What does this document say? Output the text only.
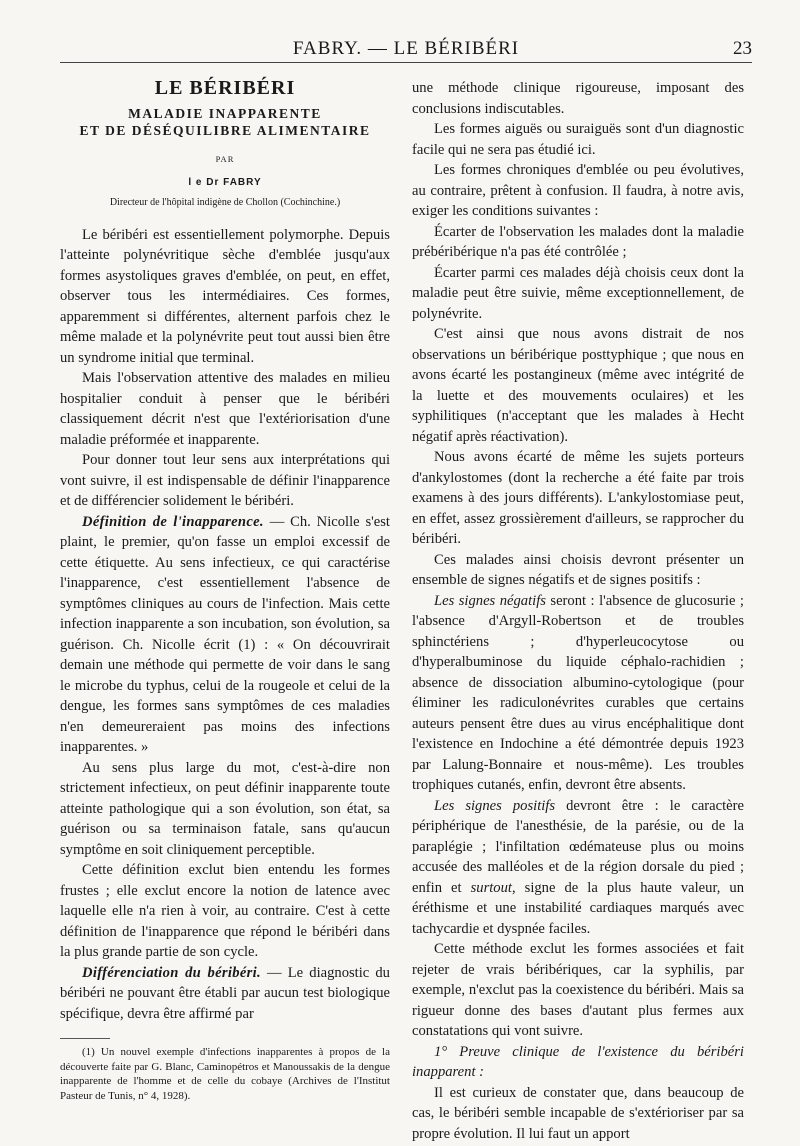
FABRY. — LE BÉRIBÉRI	23
LE BÉRIBÉRI
MALADIE INAPPARENTE
ET DE DÉSÉQUILIBRE ALIMENTAIRE
PAR
l e Dr FABRY
Directeur de l'hôpital indigène de Chollon (Cochinchine.)

Le béribéri est essentiellement polymorphe. Depuis l'atteinte polynévritique sèche d'emblée jusqu'aux formes asystoliques graves d'emblée, on peut, en effet, observer tous les intermédiaires. Ces formes, apparemment si différentes, alternent parfois chez le même malade et la polynévrite peut tout aussi bien être un syndrome initial que terminal.

Mais l'observation attentive des malades en milieu hospitalier conduit à penser que le béribéri classiquement décrit n'est que l'extériorisation d'une maladie préformée et inapparente.

Pour donner tout leur sens aux interprétations qui vont suivre, il est indispensable de définir l'inapparence et de différencier solidement le béribéri.

Définition de l'inapparence. — Ch. Nicolle s'est plaint, le premier, qu'on fasse un emploi excessif de cette étiquette. Au sens infectieux, ce qui caractérise l'inapparence, c'est essentiellement l'absence de symptômes cliniques au cours de l'infection. Mais cette infection inapparente a son incubation, son évolution, sa guérison. Ch. Nicolle écrit (1) : « On découvrirait demain une méthode qui permette de voir dans le sang le microbe du typhus, celui de la rougeole et celui de la dengue, les formes sans symptômes de ces maladies n'en demeureraient pas moins des infections inapparentes. »

Au sens plus large du mot, c'est-à-dire non strictement infectieux, on peut définir inapparente toute atteinte pathologique qui a son évolution, son état, sa guérison ou sa terminaison fatale, sans qu'aucun symptôme en soit cliniquement perceptible.

Cette définition exclut bien entendu les formes frustes ; elle exclut encore la notion de latence avec laquelle elle n'a rien à voir, au contraire. C'est à cette définition de l'inapparence que répond le béribéri dans la plus grande partie de son cycle.

Différenciation du béribéri. — Le diagnostic du béribéri ne pouvant être établi par aucun test biologique spécifique, devra être affirmé par

(1) Un nouvel exemple d'infections inapparentes à propos de la découverte faite par G. Blanc, Caminopétros et Manoussakis de la dengue inapparente de l'homme et de celle du cobaye (Archives de l'Institut Pasteur de Tunis, n° 4, 1928).

une méthode clinique rigoureuse, imposant des conclusions indiscutables.

Les formes aiguës ou suraiguës sont d'un diagnostic facile qui ne sera pas étudié ici.

Les formes chroniques d'emblée ou peu évolutives, au contraire, prêtent à confusion. Il faudra, à notre avis, exiger les conditions suivantes :

Écarter de l'observation les malades dont la maladie prébéribérique n'a pas été contrôlée ;

Écarter parmi ces malades déjà choisis ceux dont la maladie peut être suivie, même exceptionnellement, de polynévrite.

C'est ainsi que nous avons distrait de nos observations un béribérique posttyphique ; que nous en avons écarté les postangineux (même avec intégrité de la luette et des mouvements oculaires) et les syphilitiques (n'acceptant que les malades à Hecht négatif après réactivation).

Nous avons écarté de même les sujets porteurs d'ankylostomes (dont la recherche a été faite par trois examens à des jours différents). L'ankylostomiase peut, en effet, assez grossièrement d'ailleurs, se rapprocher du béribéri.

Ces malades ainsi choisis devront présenter un ensemble de signes négatifs et de signes positifs :

Les signes négatifs seront : l'absence de glucosurie ; l'absence d'Argyll-Robertson et de troubles sphinctériens ; d'hyperleucocytose ou d'hyperalbuminose du liquide céphalo-rachidien ; absence de dissociation albumino-cytologique (pour éliminer les radiculonévrites curables que certains auteurs pensent être dues au virus encéphalitique dont l'existence en Indochine a été démontrée depuis 1923 par Lalung-Bonnaire et nous-même). Les troubles trophiques cutanés, enfin, devront être absents.

Les signes positifs devront être : le caractère périphérique de l'anesthésie, de la parésie, ou de la paraplégie ; l'infiltation œdémateuse plus ou moins accusée des malléoles et de la région dorsale du pied ; enfin et surtout, signe de la plus haute valeur, un éréthisme et une instabilité cardiaques marqués avec tachycardie et dyspnée faciles.

Cette méthode exclut les formes associées et fait rejeter de vrais béribériques, car la syphilis, par exemple, n'exclut pas la coexistence du béribéri. Mais sa rigueur donne des bases d'autant plus fermes aux constatations qui vont suivre.

1° Preuve clinique de l'existence du béribéri inapparent :

Il est curieux de constater que, dans beaucoup de cas, le béribéri semble incapable de s'extérioriser par sa propre évolution. Il lui faut un apport
